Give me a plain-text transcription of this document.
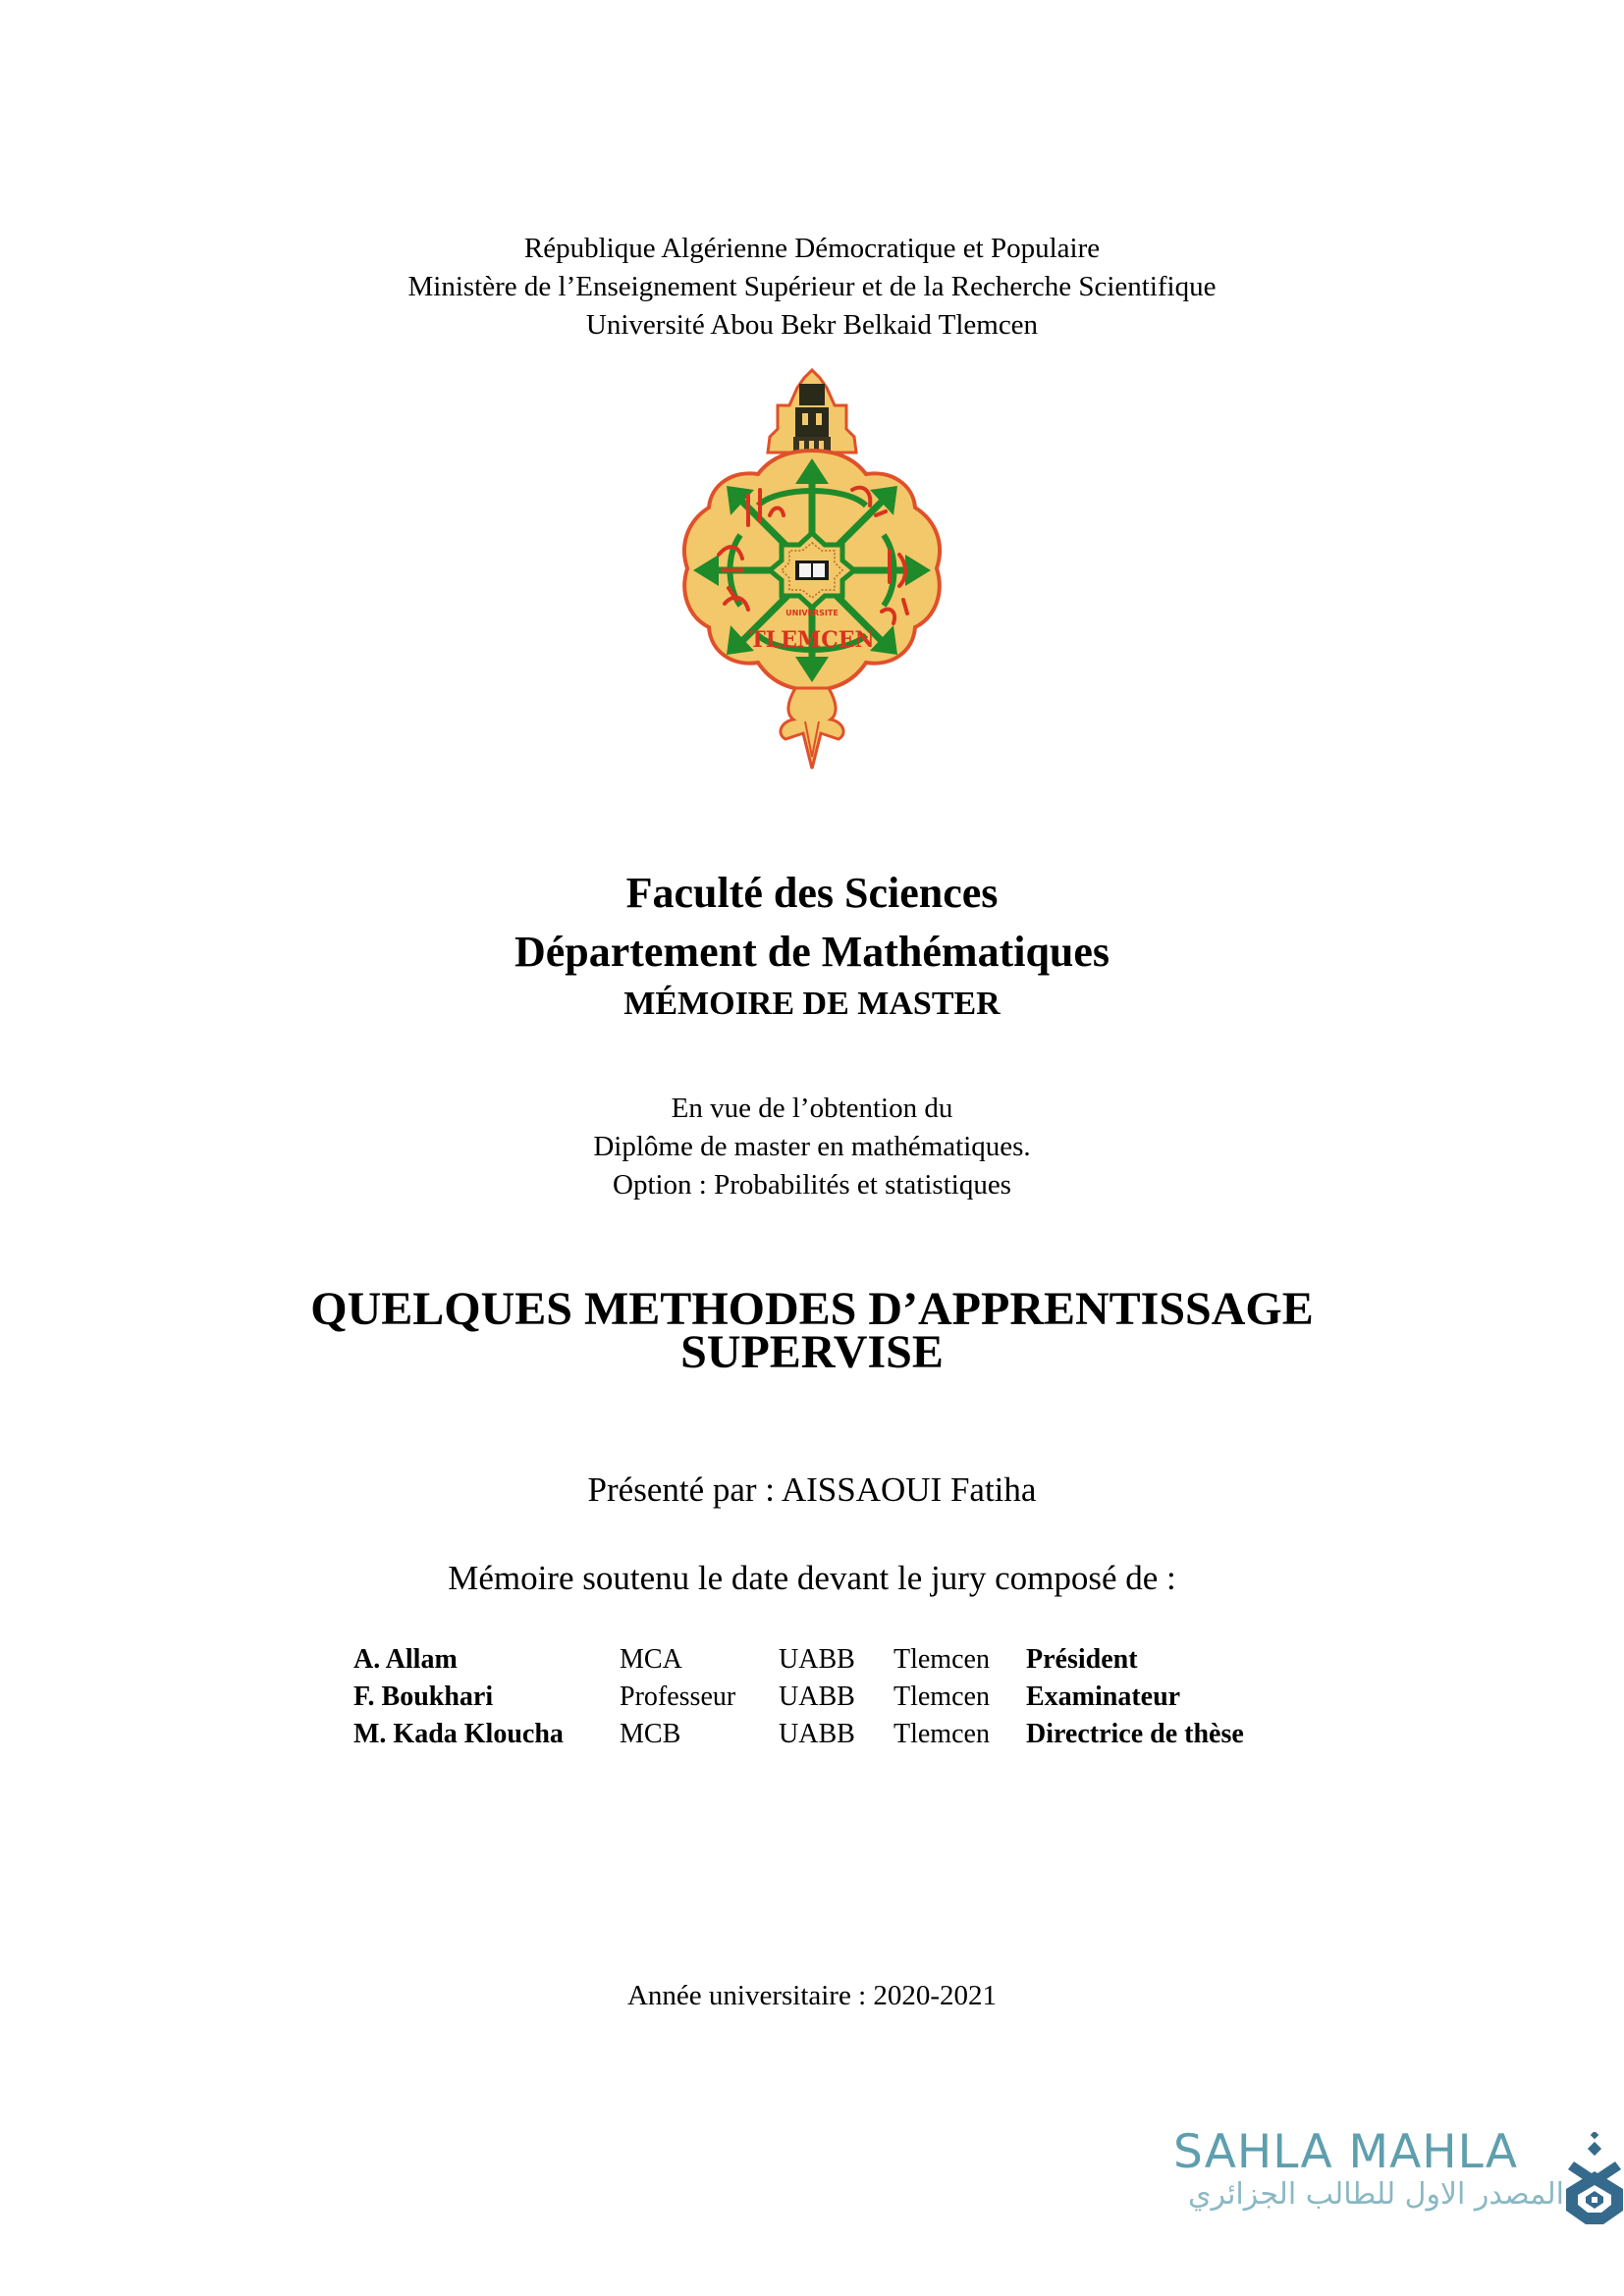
République Algérienne Démocratique et Populaire
Ministère de l’Enseignement Supérieur et de la Recherche Scientifique
Université Abou Bekr Belkaid Tlemcen
UNIVERSITE
TLEMCEN
Faculté des Sciences
Département de Mathématiques
MÉMOIRE DE MASTER
En vue de l’obtention du
Diplôme de master en mathématiques.
Option : Probabilités et statistiques
QUELQUES METHODES D’APPRENTISSAGE
SUPERVISE
Présenté par : AISSAOUI Fatiha
Mémoire soutenu le date devant le jury composé de :
A. Allam	MCA	UABB	Tlemcen	Président
F. Boukhari	Professeur	UABB	Tlemcen	Examinateur
M. Kada Kloucha	MCB	UABB	Tlemcen	Directrice de thèse
Année universitaire : 2020-2021
SAHLA MAHLA
المصدر الاول للطالب الجزائري
